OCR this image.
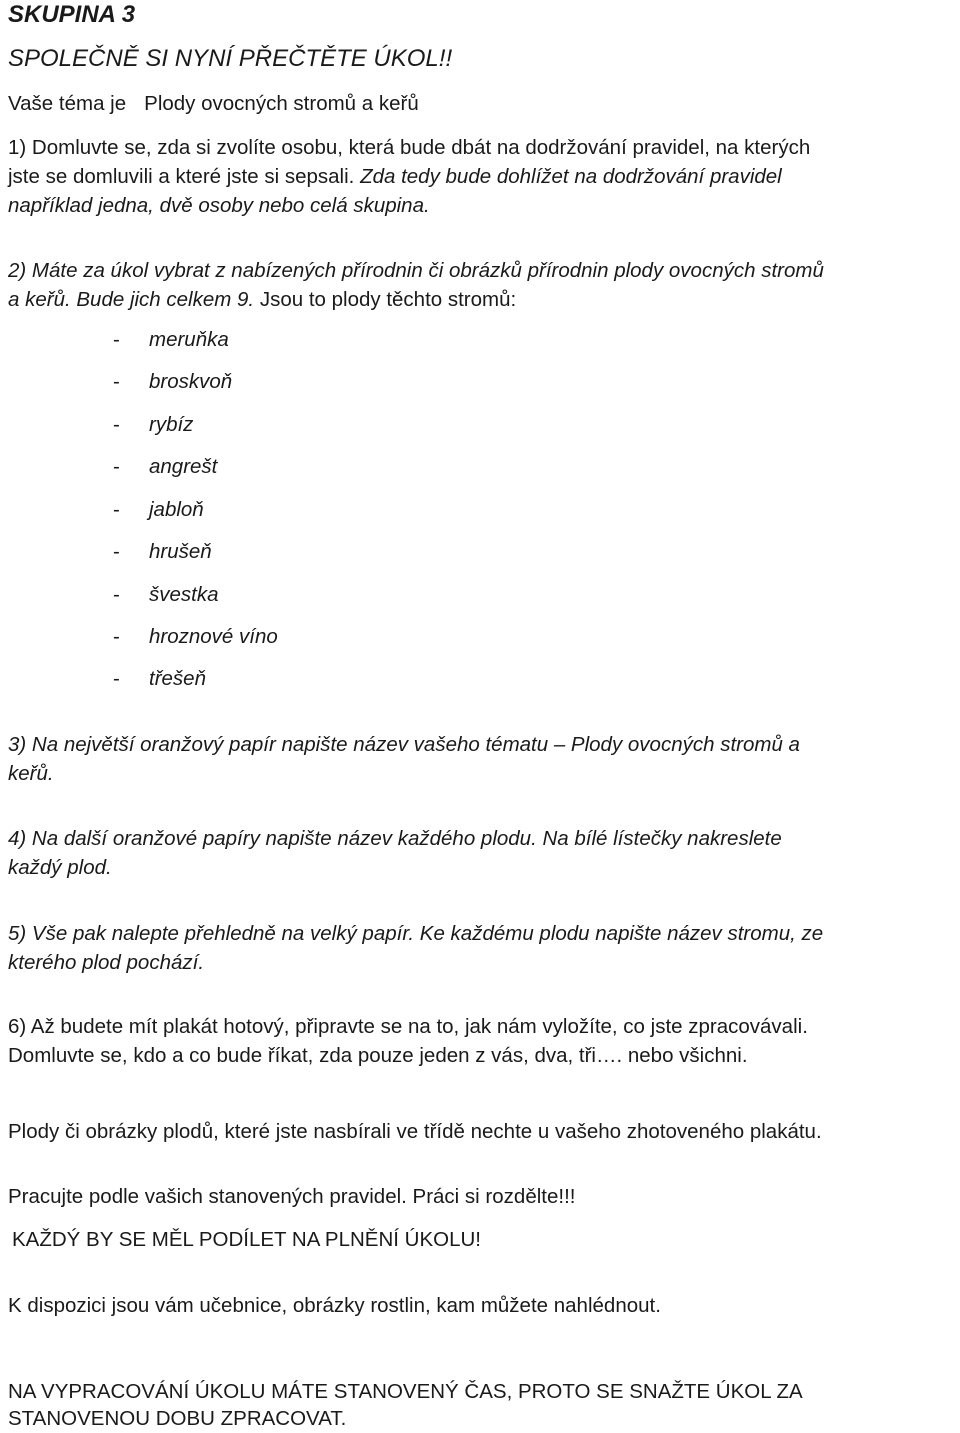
SKUPINA 3
SPOLEČNĚ SI NYNÍ PŘEČTĚTE ÚKOL!!
Vaše téma je Plody ovocných stromů a keřů
1) Domluvte se, zda si zvolíte osobu, která bude dbát na dodržování pravidel, na kterých
jste se domluvili a které jste si sepsali. Zda tedy bude dohlížet na dodržování pravidel
například jedna, dvě osoby nebo celá skupina.
2) Máte za úkol vybrat z nabízených přírodnin či obrázků přírodnin plody ovocných stromů
a keřů. Bude jich celkem 9. Jsou to plody těchto stromů:
- meruňka
- broskvoň
- rybíz
- angrešt
- jabloň
- hrušeň
- švestka
- hroznové víno
- třešeň
3) Na největší oranžový papír napište název vašeho tématu – Plody ovocných stromů a
keřů.
4) Na další oranžové papíry napište název každého plodu. Na bílé lístečky nakreslete
každý plod.
5) Vše pak nalepte přehledně na velký papír. Ke každému plodu napište název stromu, ze
kterého plod pochází.
6) Až budete mít plakát hotový, připravte se na to, jak nám vyložíte, co jste zpracovávali.
Domluvte se, kdo a co bude říkat, zda pouze jeden z vás, dva, tři…. nebo všichni.
Plody či obrázky plodů, které jste nasbírali ve třídě nechte u vašeho zhotoveného plakátu.
Pracujte podle vašich stanovených pravidel. Práci si rozdělte!!!
KAŽDÝ BY SE MĚL PODÍLET NA PLNĚNÍ ÚKOLU!
K dispozici jsou vám učebnice, obrázky rostlin, kam můžete nahlédnout.
NA VYPRACOVÁNÍ ÚKOLU MÁTE STANOVENÝ ČAS, PROTO SE SNAŽTE ÚKOL ZA
STANOVENOU DOBU ZPRACOVAT.
